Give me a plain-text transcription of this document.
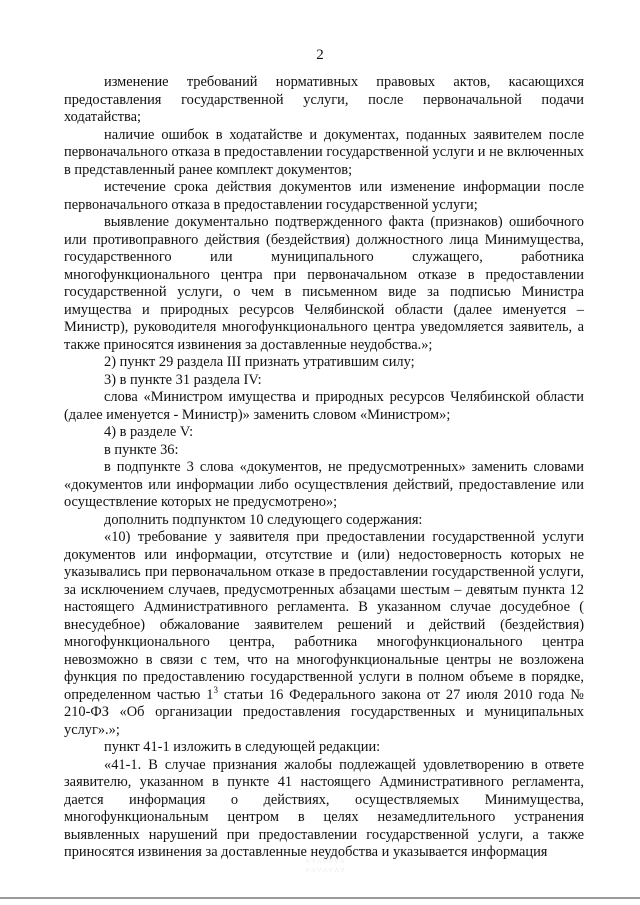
2

изменение требований нормативных правовых актов, касающихся предоставления государственной услуги, после первоначальной подачи ходатайства;

наличие ошибок в ходатайстве и документах, поданных заявителем после первоначального отказа в предоставлении государственной услуги и не включенных в представленный ранее комплект документов;

истечение срока действия документов или изменение информации после первоначального отказа в предоставлении государственной услуги;

выявление документально подтвержденного факта (признаков) ошибочного или противоправного действия (бездействия) должностного лица Минимущества, государственного или муниципального служащего, работника многофункционального центра при первоначальном отказе в предоставлении государственной услуги, о чем в письменном виде за подписью Министра имущества и природных ресурсов Челябинской области (далее именуется – Министр), руководителя многофункционального центра уведомляется заявитель, а также приносятся извинения за доставленные неудобства.»;

2) пункт 29 раздела III признать утратившим силу;

3) в пункте 31 раздела IV:

слова «Министром имущества и природных ресурсов Челябинской области (далее именуется - Министр)» заменить словом «Министром»;

4) в разделе V:

в пункте 36:

в подпункте 3 слова «документов, не предусмотренных» заменить словами «документов или информации либо осуществления действий, предоставление или осуществление которых не предусмотрено»;

дополнить подпунктом 10 следующего содержания:

«10) требование у заявителя при предоставлении государственной услуги документов или информации, отсутствие и (или) недостоверность которых не указывались при первоначальном отказе в предоставлении государственной услуги, за исключением случаев, предусмотренных абзацами шестым – девятым пункта 12 настоящего Административного регламента. В указанном случае досудебное ( внесудебное) обжалование заявителем решений и действий (бездействия) многофункционального центра, работника многофункционального центра невозможно в связи с тем, что на многофункциональные центры не возложена функция по предоставлению государственной услуги в полном объеме в порядке, определенном частью $1^3$ статьи 16 Федерального закона от 27 июля 2010 года № 210-ФЗ «Об организации предоставления государственных и муниципальных услуг».»;

пункт 41-1 изложить в следующей редакции:

«41-1. В случае признания жалобы подлежащей удовлетворению в ответе заявителю, указанном в пункте 41 настоящего Административного регламента, дается информация о действиях, осуществляемых Минимущества, многофункциональным центром в целях незамедлительного устранения выявленных нарушений при предоставлении государственной услуги, а также приносятся извинения за доставленные неудобства и указывается информация

∴∵∴∵∴∵∴
∵∴∵∴∵∴∵
